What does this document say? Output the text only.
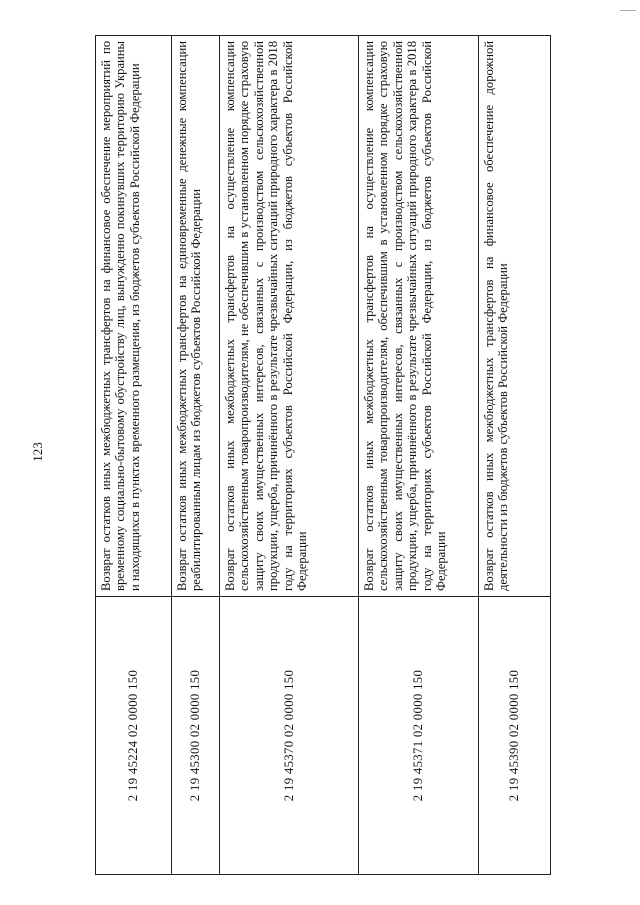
123
2 19 45224 02 0000 150	Возврат остатков иных межбюджетных трансфертов на финансовое обеспечение мероприятий по временному социально-бытовому обустройству лиц, вынужденно покинувших территорию Украины и находящихся в пунктах временного размещения, из бюджетов субъектов Российской Федерации
2 19 45300 02 0000 150	Возврат остатков иных межбюджетных трансфертов на единовременные денежные компенсации реабилитированным лицам из бюджетов субъектов Российской Федерации
2 19 45370 02 0000 150	Возврат остатков иных межбюджетных трансфертов на осуществление компенсации сельскохозяйственным товаропроизводителям, не обеспечившим в установленном порядке страховую защиту своих имущественных интересов, связанных с производством сельскохозяйственной продукции, ущерба, причинённого в результате чрезвычайных ситуаций природного характера в 2018 году на территориях субъектов Российской Федерации, из бюджетов субъектов Российской Федерации
2 19 45371 02 0000 150	Возврат остатков иных межбюджетных трансфертов на осуществление компенсации сельскохозяйственным товаропроизводителям, обеспечившим в установленном порядке страховую защиту своих имущественных интересов, связанных с производством сельскохозяйственной продукции, ущерба, причинённого в результате чрезвычайных ситуаций природного характера в 2018 году на территориях субъектов Российской Федерации, из бюджетов субъектов Российской Федерации
2 19 45390 02 0000 150	Возврат остатков иных межбюджетных трансфертов на финансовое обеспечение дорожной деятельности из бюджетов субъектов Российской Федерации
